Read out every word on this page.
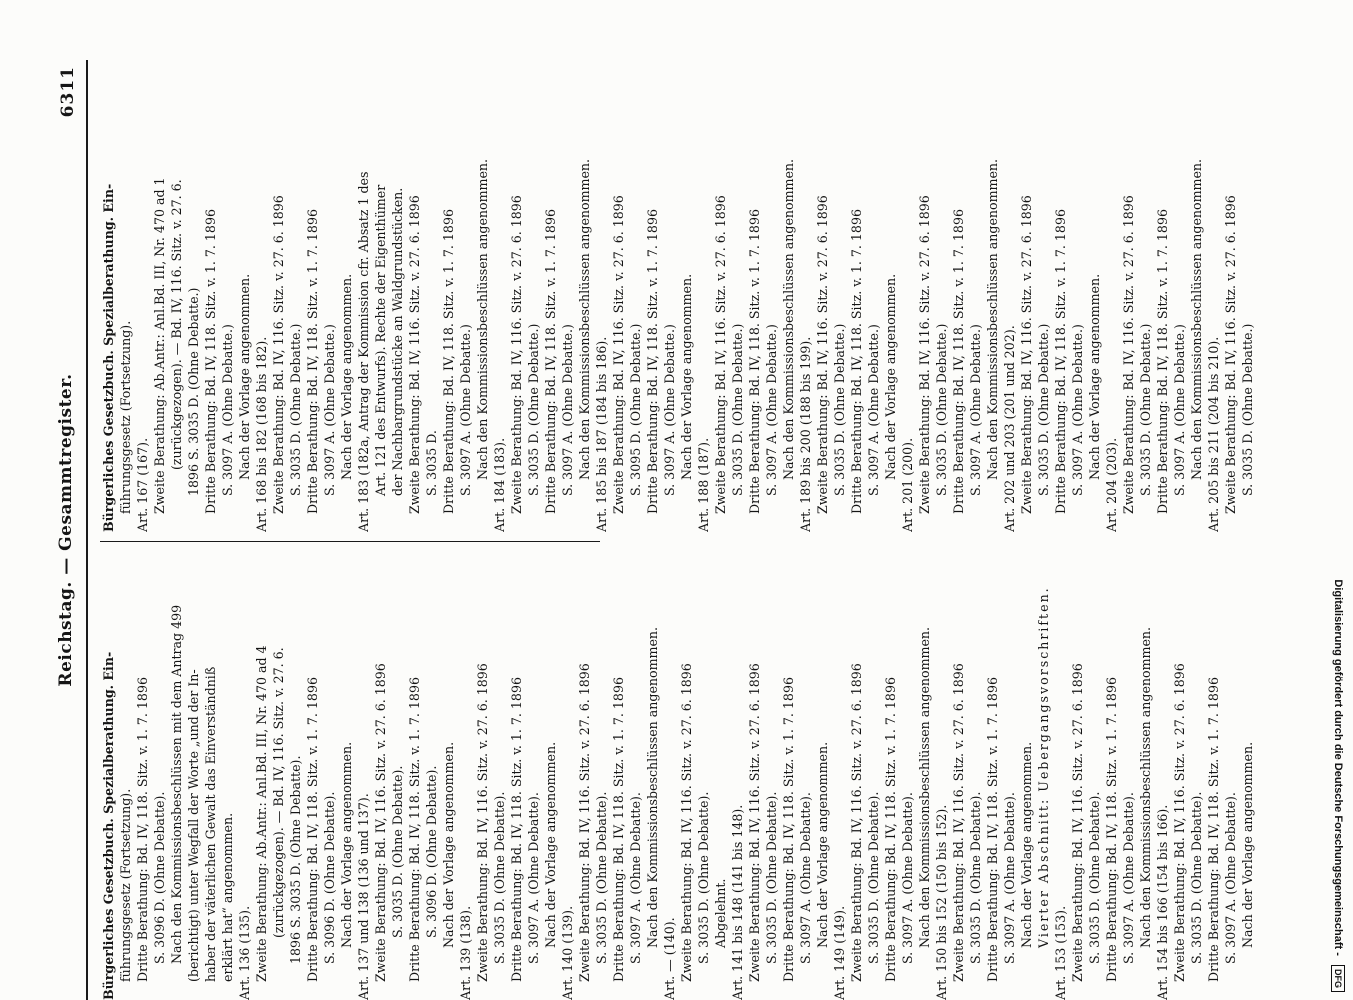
Reichstag. — Gesammtregister.
6311
Bürgerliches Gesetzbuch. Spezialberathung. Ein- führungsgesetz (Fortsetzung). Dritte Berathung: Bd. IV, 118. Sitz. v. 1. 7. 1896 S. 3096 D. (Ohne Debatte). Nach den Kommissionsbeschlüssen mit dem Antrag 499 (berichtigt) unter Wegfall der Worte „und der In- haber der väterlichen Gewalt das Einverständniß erklärt hat“ angenommen. Art. 136 (135). Zweite Berathung: Ab.Antr.: Anl.Bd. III, Nr. 470 ad 4 (zurückgezogen). — Bd. IV, 116. Sitz. v. 27. 6. 1896 S. 3035 D. (Ohne Debatte). Dritte Berathung: Bd. IV, 118. Sitz. v. 1. 7. 1896 S. 3096 D. (Ohne Debatte). Nach der Vorlage angenommen. Art. 137 und 138 (136 und 137). Zweite Berathung: Bd. IV, 116. Sitz. v. 27. 6. 1896 S. 3035 D. (Ohne Debatte). Dritte Berathung: Bd. IV, 118. Sitz. v. 1. 7. 1896 S. 3096 D. (Ohne Debatte). Nach der Vorlage angenommen.
Art. 139 (138). Zweite Berathung: Bd. IV, 116. Sitz. v. 27. 6. 1896 S. 3035 D. (Ohne Debatte). Dritte Berathung: Bd. IV, 118. Sitz. v. 1. 7. 1896 S. 3097 A. (Ohne Debatte). Nach der Vorlage angenommen.
Art. 140 (139). Zweite Berathung: Bd. IV, 116. Sitz. v. 27. 6. 1896 S. 3035 D. (Ohne Debatte). Dritte Berathung: Bd. IV, 118. Sitz. v. 1. 7. 1896 S. 3097 A. (Ohne Debatte). Nach den Kommissionsbeschlüssen angenommen.
Art. — (140). Zweite Berathung: Bd. IV, 116. Sitz. v. 27. 6. 1896 S. 3035 D. (Ohne Debatte). Abgelehnt. Art. 141 bis 148 (141 bis 148). Zweite Berathung: Bd. IV, 116. Sitz. v. 27. 6. 1896 S. 3035 D. (Ohne Debatte). Dritte Berathung: Bd. IV, 118. Sitz. v. 1. 7. 1896 S. 3097 A. (Ohne Debatte). Nach der Vorlage angenommen.
Art. 149 (149). Zweite Berathung: Bd. IV, 116. Sitz. v. 27. 6. 1896 S. 3035 D. (Ohne Debatte). Dritte Berathung: Bd. IV, 118. Sitz. v. 1. 7. 1896 S. 3097 A. (Ohne Debatte). Nach den Kommissionsbeschlüssen angenommen. Art. 150 bis 152 (150 bis 152). Zweite Berathung: Bd. IV, 116. Sitz. v. 27. 6. 1896 S. 3035 D. (Ohne Debatte). Dritte Berathung: Bd. IV, 118. Sitz. v. 1. 7. 1896 S. 3097 A. (Ohne Debatte). Nach der Vorlage angenommen. Vierter Abschnitt: Uebergangsvorschriften.
Art. 153 (153). Zweite Berathung: Bd. IV, 116. Sitz. v. 27. 6. 1896 S. 3035 D. (Ohne Debatte). Dritte Berathung: Bd. IV, 118. Sitz. v. 1. 7. 1896 S. 3097 A. (Ohne Debatte). Nach den Kommissionsbeschlüssen angenommen. Art. 154 bis 166 (154 bis 166). Zweite Berathung: Bd. IV, 116. Sitz. v. 27. 6. 1896 S. 3035 D. (Ohne Debatte). Dritte Berathung: Bd. IV, 118. Sitz. v. 1. 7. 1896 S. 3097 A. (Ohne Debatte). Nach der Vorlage angenommen.
Bürgerliches Gesetzbuch. Spezialberathung. Ein- führungsgesetz (Fortsetzung). Art. 167 (167). Zweite Berathung: Ab.Antr.: Anl.Bd. III, Nr. 470 ad 1 (zurückgezogen). — Bd. IV, 116. Sitz. v. 27. 6. 1896 S. 3035 D. (Ohne Debatte.) Dritte Berathung: Bd. IV, 118. Sitz. v. 1. 7. 1896 S. 3097 A. (Ohne Debatte.) Nach der Vorlage angenommen. Art. 168 bis 182 (168 bis 182). Zweite Berathung: Bd. IV, 116. Sitz. v. 27. 6. 1896 S. 3035 D. (Ohne Debatte.) Dritte Berathung: Bd. IV, 118. Sitz. v. 1. 7. 1896 S. 3097 A. (Ohne Debatte.) Nach der Vorlage angenommen. Art. 183 (182a, Antrag der Kommission cfr. Absatz 1 des Art. 121 des Entwurfs). Rechte der Eigenthümer der Nachbargrundstücke an Waldgrundstücken. Zweite Berathung: Bd. IV, 116. Sitz. v. 27. 6. 1896 S. 3035 D. Dritte Berathung: Bd. IV, 118. Sitz. v. 1. 7. 1896 S. 3097 A. (Ohne Debatte.) Nach den Kommissionsbeschlüssen angenommen.
Art. 184 (183). Zweite Berathung: Bd. IV, 116. Sitz. v. 27. 6. 1896 S. 3035 D. (Ohne Debatte.) Dritte Berathung: Bd. IV, 118. Sitz. v. 1. 7. 1896 S. 3097 A. (Ohne Debatte.) Nach den Kommissionsbeschlüssen angenommen. Art. 185 bis 187 (184 bis 186). Zweite Berathung: Bd. IV, 116. Sitz. v. 27. 6. 1896 S. 3095 D. (Ohne Debatte.) Dritte Berathung: Bd. IV, 118. Sitz. v. 1. 7. 1896 S. 3097 A. (Ohne Debatte.) Nach der Vorlage angenommen.
Art. 188 (187). Zweite Berathung: Bd. IV, 116. Sitz. v. 27. 6. 1896 S. 3035 D. (Ohne Debatte.) Dritte Berathung: Bd. IV, 118. Sitz. v. 1. 7. 1896 S. 3097 A. (Ohne Debatte.) Nach den Kommissionsbeschlüssen angenommen. Art. 189 bis 200 (188 bis 199). Zweite Berathung: Bd. IV, 116. Sitz. v. 27. 6. 1896 S. 3035 D. (Ohne Debatte.) Dritte Berathung: Bd. IV, 118. Sitz. v. 1. 7. 1896 S. 3097 A. (Ohne Debatte.) Nach der Vorlage angenommen.
Art. 201 (200). Zweite Berathung: Bd. IV, 116. Sitz. v. 27. 6. 1896 S. 3035 D. (Ohne Debatte.) Dritte Berathung: Bd. IV, 118. Sitz. v. 1. 7. 1896 S. 3097 A. (Ohne Debatte.) Nach den Kommissionsbeschlüssen angenommen. Art. 202 und 203 (201 und 202). Zweite Berathung: Bd. IV, 116. Sitz. v. 27. 6. 1896 S. 3035 D. (Ohne Debatte.) Dritte Berathung: Bd. IV, 118. Sitz. v. 1. 7. 1896 S. 3097 A. (Ohne Debatte.) Nach der Vorlage angenommen.
Art. 204 (203). Zweite Berathung: Bd. IV, 116. Sitz. v. 27. 6. 1896 S. 3035 D. (Ohne Debatte.) Dritte Berathung: Bd. IV, 118. Sitz. v. 1. 7. 1896 S. 3097 A. (Ohne Debatte.) Nach den Kommissionsbeschlüssen angenommen. Art. 205 bis 211 (204 bis 210). Zweite Berathung: Bd. IV, 116. Sitz. v. 27. 6. 1896 S. 3035 D. (Ohne Debatte.)
Digitalisierung gefördert durch die Deutsche Forschungsgemeinschaft - DFG
